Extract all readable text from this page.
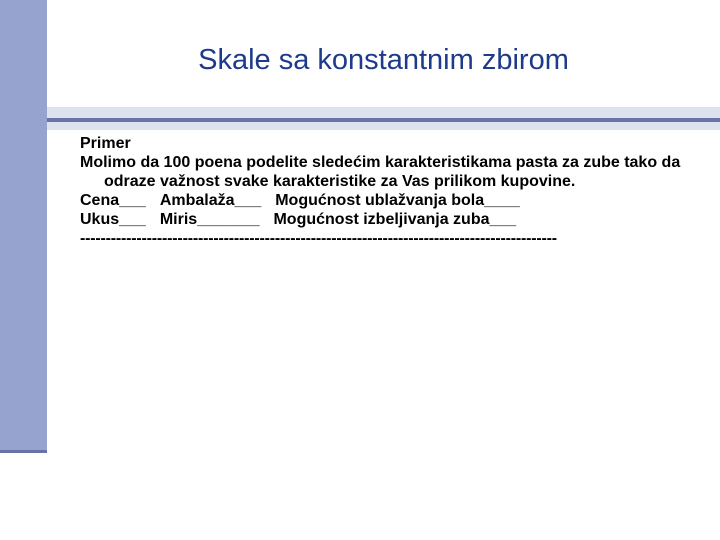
Skale sa konstantnim zbirom
Primer
Molimo da 100 poena podelite sledećim karakteristikama pasta za zube tako da odraze važnost svake karakteristike za Vas prilikom kupovine.
Cena___ Ambalaža___ Mogućnost ublažvanja bola____
Ukus___ Miris_______ Mogućnost izbeljivanja zuba___
---------------------------------------------------------------------------------------------
